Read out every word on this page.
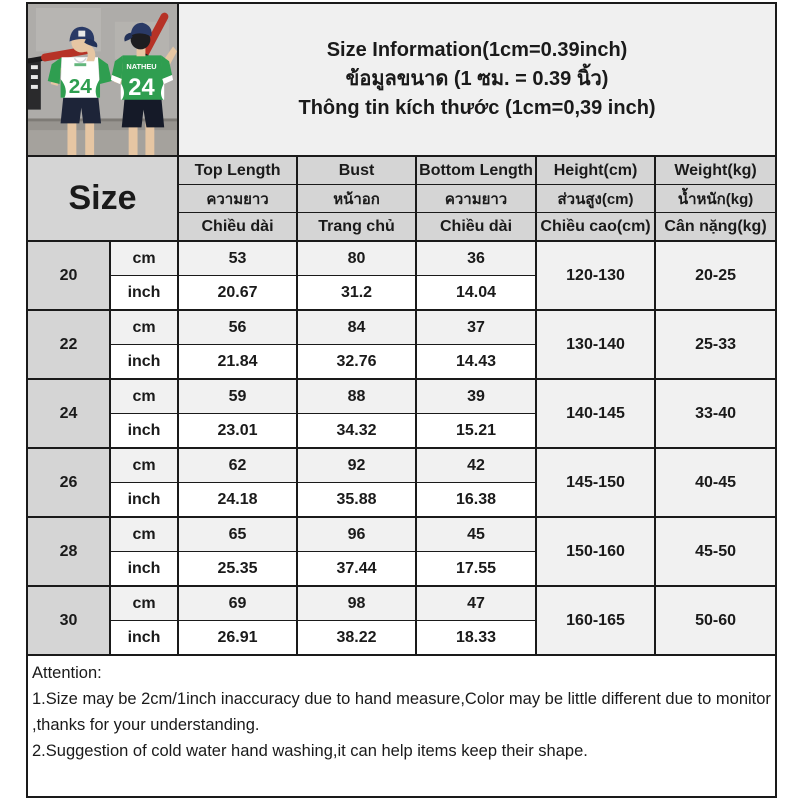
24
NATHEU
24

Size Information(1cm=0.39inch)
ข้อมูลขนาด (1 ซม. = 0.39 นิ้ว)
Thông tin kích thước (1cm=0,39 inch)

Size		Top Length	Bust	Bottom Length	Height(cm)	Weight(kg)
		ความยาว	หน้าอก	ความยาว	ส่วนสูง(cm)	น้ำหนัก(kg)
		Chiều dài	Trang chủ	Chiều dài	Chiều cao(cm)	Cân nặng(kg)
20	cm	53	80	36	120-130	20-25
	inch	20.67	31.2	14.04		
22	cm	56	84	37	130-140	25-33
	inch	21.84	32.76	14.43		
24	cm	59	88	39	140-145	33-40
	inch	23.01	34.32	15.21		
26	cm	62	92	42	145-150	40-45
	inch	24.18	35.88	16.38		
28	cm	65	96	45	150-160	45-50
	inch	25.35	37.44	17.55		
30	cm	69	98	47	160-165	50-60
	inch	26.91	38.22	18.33		

Attention:
1.Size may be 2cm/1inch inaccuracy due to hand measure,Color may be little different due to monitor
,thanks for your understanding.
2.Suggestion of cold water hand washing,it can help items keep their shape.						
